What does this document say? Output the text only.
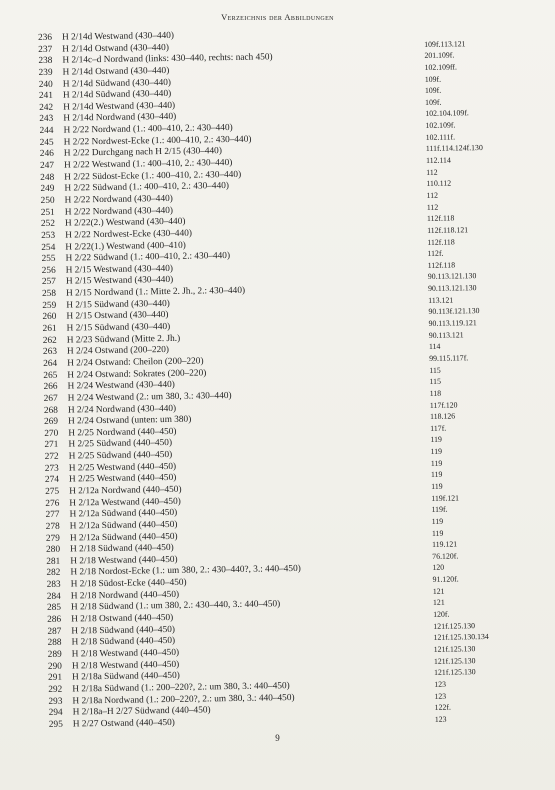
Verzeichnis der Abbildungen
236	H 2/14d Westwand (430–440)
237	H 2/14d Ostwand (430–440)	109f.113.121
238	H 2/14c–d Nordwand (links: 430–440, rechts: nach 450)	201.109f.
239	H 2/14d Ostwand (430–440)	102.109ff.
240	H 2/14d Südwand (430–440)	109f.
241	H 2/14d Südwand (430–440)	109f.
242	H 2/14d Westwand (430–440)	109f.
243	H 2/14d Nordwand (430–440)	102.104.109f.
244	H 2/22 Nordwand (1.: 400–410, 2.: 430–440)	102.109f.
245	H 2/22 Nordwest-Ecke (1.: 400–410, 2.: 430–440)	102.111f.
246	H 2/22 Durchgang nach H 2/15 (430–440)	111f.114.124f.130
247	H 2/22 Westwand (1.: 400–410, 2.: 430–440)	112.114
248	H 2/22 Südost-Ecke (1.: 400–410, 2.: 430–440)	112
249	H 2/22 Südwand (1.: 400–410, 2.: 430–440)	110.112
250	H 2/22 Nordwand (430–440)	112
251	H 2/22 Nordwand (430–440)	112
252	H 2/22(2.) Westwand (430–440)	112f.118
253	H 2/22 Nordwest-Ecke (430–440)	112f.118.121
254	H 2/22(1.) Westwand (400–410)	112f.118
255	H 2/22 Südwand (1.: 400–410, 2.: 430–440)	112f.
256	H 2/15 Westwand (430–440)	112f.118
257	H 2/15 Westwand (430–440)	90.113.121.130
258	H 2/15 Nordwand (1.: Mitte 2. Jh., 2.: 430–440)	90.113.121.130
259	H 2/15 Südwand (430–440)	113.121
260	H 2/15 Ostwand (430–440)	90.113f.121.130
261	H 2/15 Südwand (430–440)	90.113.119.121
262	H 2/23 Südwand (Mitte 2. Jh.)	90.113.121
263	H 2/24 Ostwand (200–220)	114
264	H 2/24 Ostwand: Cheilon (200–220)	99.115.117f.
265	H 2/24 Ostwand: Sokrates (200–220)	115
266	H 2/24 Westwand (430–440)	115
267	H 2/24 Westwand (2.: um 380, 3.: 430–440)	118
268	H 2/24 Nordwand (430–440)	117f.120
269	H 2/24 Ostwand (unten: um 380)	118.126
270	H 2/25 Nordwand (440–450)	117f.
271	H 2/25 Südwand (440–450)	119
272	H 2/25 Südwand (440–450)	119
273	H 2/25 Westwand (440–450)	119
274	H 2/25 Westwand (440–450)	119
275	H 2/12a Nordwand (440–450)	119
276	H 2/12a Westwand (440–450)	119f.121
277	H 2/12a Südwand (440–450)	119f.
278	H 2/12a Südwand (440–450)	119
279	H 2/12a Südwand (440–450)	119
280	H 2/18 Südwand (440–450)	119.121
281	H 2/18 Westwand (440–450)	76.120f.
282	H 2/18 Nordost-Ecke (1.: um 380, 2.: 430–440?, 3.: 440–450)	120
283	H 2/18 Südost-Ecke (440–450)	91.120f.
284	H 2/18 Nordwand (440–450)	121
285	H 2/18 Südwand (1.: um 380, 2.: 430–440, 3.: 440–450)	121
286	H 2/18 Ostwand (440–450)	120f.
287	H 2/18 Südwand (440–450)	121f.125.130
288	H 2/18 Südwand (440–450)	121f.125.130.134
289	H 2/18 Westwand (440–450)	121f.125.130
290	H 2/18 Westwand (440–450)	121f.125.130
291	H 2/18a Südwand (440–450)	121f.125.130
292	H 2/18a Südwand (1.: 200–220?, 2.: um 380, 3.: 440–450)	123
293	H 2/18a Nordwand (1.: 200–220?, 2.: um 380, 3.: 440–450)	123
294	H 2/18a–H 2/27 Südwand (440–450)	122f.
295	H 2/27 Ostwand (440–450)	123
9
